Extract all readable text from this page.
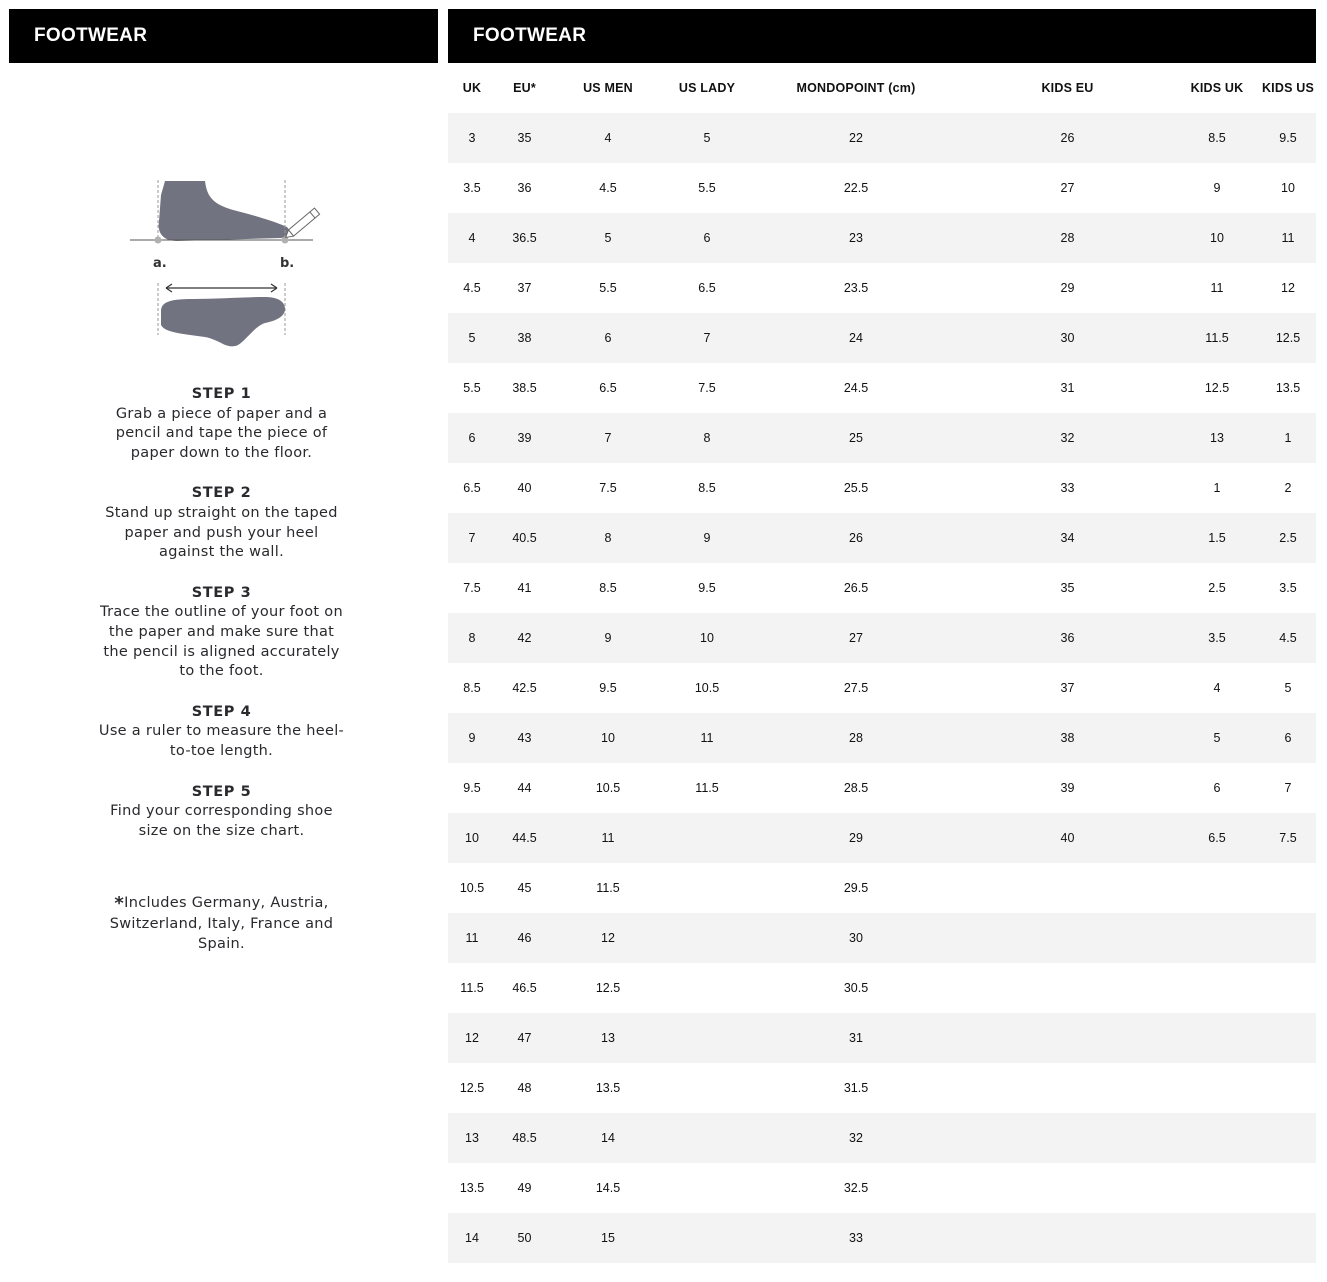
FOOTWEAR	FOOTWEAR
a.	b.
STEP 1
Grab a piece of paper and a pencil and tape the piece of paper down to the floor.
STEP 2
Stand up straight on the taped paper and push your heel against the wall.
STEP 3
Trace the outline of your foot on the paper and make sure that the pencil is aligned accurately to the foot.
STEP 4
Use a ruler to measure the heel-to-toe length.
STEP 5
Find your corresponding shoe size on the size chart.
*Includes Germany, Austria, Switzerland, Italy, France and Spain.
UK	EU*	US MEN	US LADY	MONDOPOINT (cm)	KIDS EU	KIDS UK	KIDS US
3	35	4	5	22	26	8.5	9.5
3.5	36	4.5	5.5	22.5	27	9	10
4	36.5	5	6	23	28	10	11
4.5	37	5.5	6.5	23.5	29	11	12
5	38	6	7	24	30	11.5	12.5
5.5	38.5	6.5	7.5	24.5	31	12.5	13.5
6	39	7	8	25	32	13	1
6.5	40	7.5	8.5	25.5	33	1	2
7	40.5	8	9	26	34	1.5	2.5
7.5	41	8.5	9.5	26.5	35	2.5	3.5
8	42	9	10	27	36	3.5	4.5
8.5	42.5	9.5	10.5	27.5	37	4	5
9	43	10	11	28	38	5	6
9.5	44	10.5	11.5	28.5	39	6	7
10	44.5	11		29	40	6.5	7.5
10.5	45	11.5		29.5			
11	46	12		30			
11.5	46.5	12.5		30.5			
12	47	13		31			
12.5	48	13.5		31.5			
13	48.5	14		32			
13.5	49	14.5		32.5			
14	50	15		33			
